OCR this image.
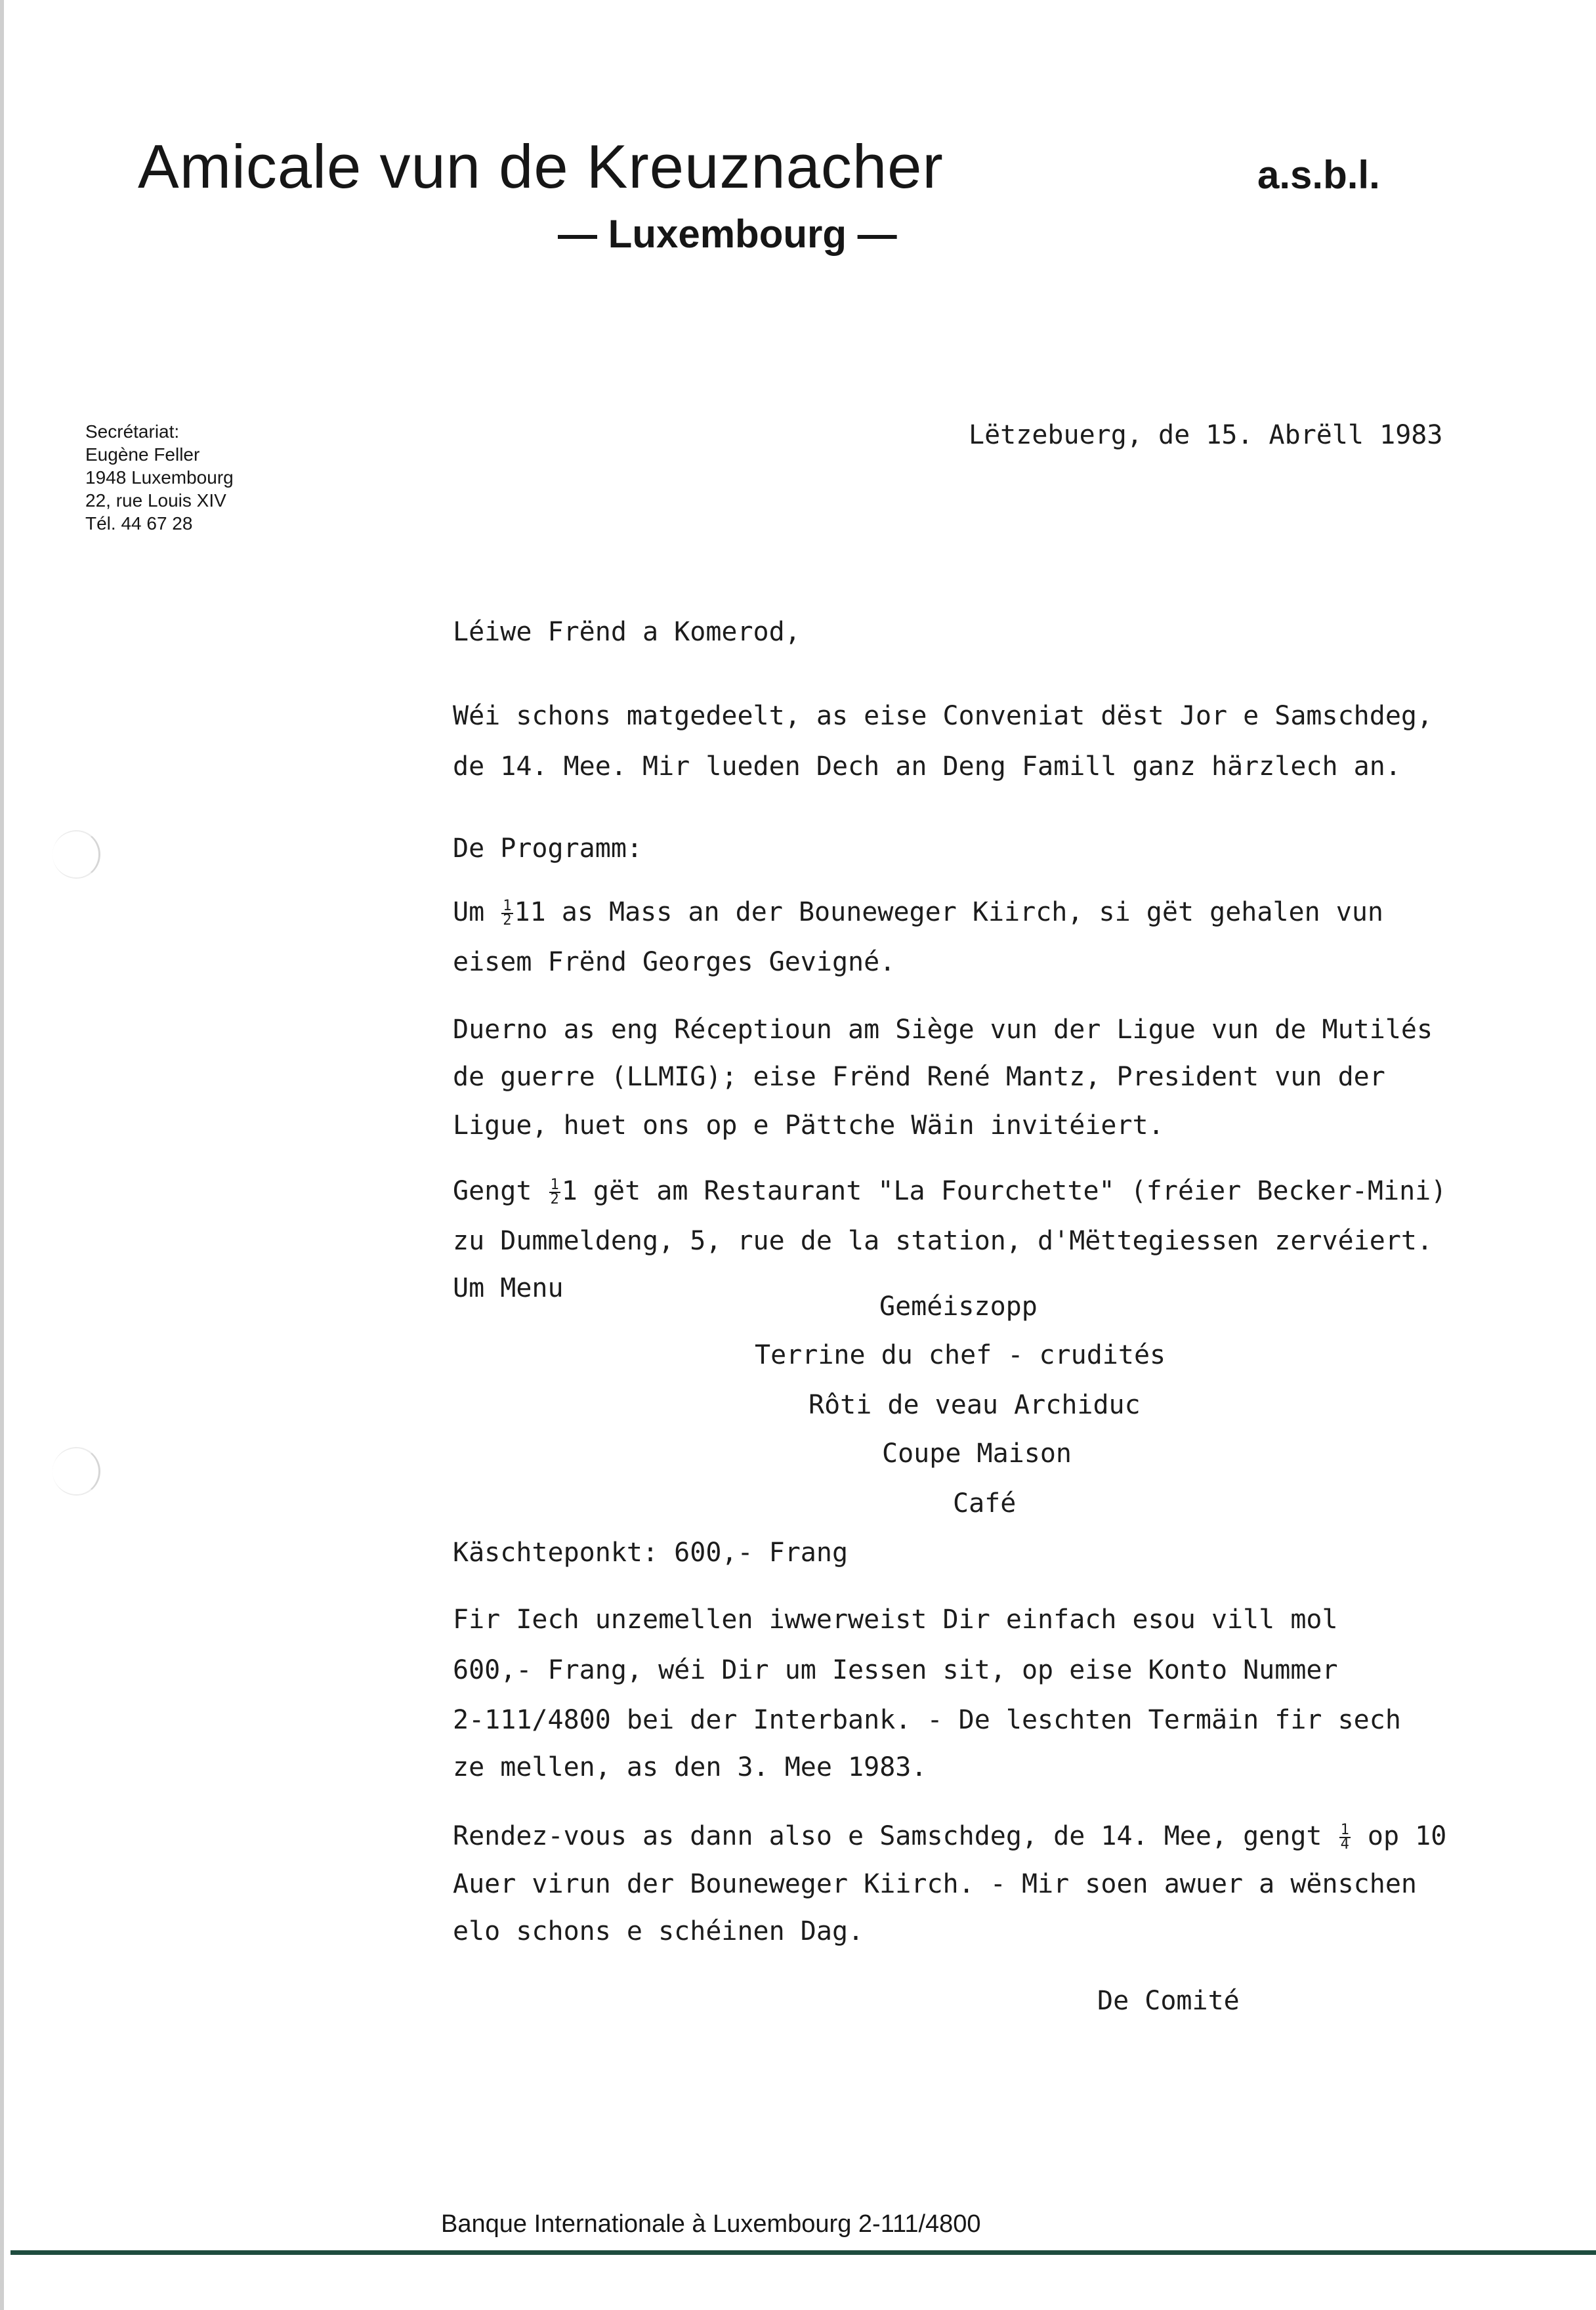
Amicale vun de Kreuznacher	a.s.b.l.
— Luxembourg —
Secrétariat:
Eugène Feller
1948 Luxembourg
22, rue Louis XIV
Tél. 44 67 28
Lëtzebuerg, de 15. Abrëll 1983
Léiwe Frënd a Komerod,
Wéi schons matgedeelt, as eise Conveniat dëst Jor e Samschdeg,
de 14. Mee. Mir lueden Dech an Deng Famill ganz härzlech an.
De Programm:
Um $\frac{1}{2} 11$ as Mass an der Bouneweger Kiirch, si gët gehalen vun
eisem Frënd Georges Gevigné.
Duerno as eng Réceptioun am Siège vun der Ligue vun de Mutilés
de guerre (LLMIG); eise Frënd René Mantz, President vun der
Ligue, huet ons op e Pättche Wäin invitéiert.
Gengt $\frac{1}{2} 1$ gët am Restaurant "La Fourchette" (fréier Becker-Mini)
zu Dummeldeng, 5, rue de la station, d'Mëttegiessen zervéiert.
Um Menu
Geméiszopp
Terrine du chef - crudités
Rôti de veau Archiduc
Coupe Maison
Café
Käschteponkt: 600,- Frang
Fir Iech unzemellen iwwerweist Dir einfach esou vill mol
600,- Frang, wéi Dir um Iessen sit, op eise Konto Nummer
2-111/4800 bei der Interbank. - De leschten Termäin fir sech
ze mellen, as den 3. Mee 1983.
Rendez-vous as dann also e Samschdeg, de 14. Mee, gengt $\frac{1}{4}$ op 10
Auer virun der Bouneweger Kiirch. - Mir soen awuer a wënschen
elo schons e schéinen Dag.
De Comité
Banque Internationale à Luxembourg 2-111/4800
